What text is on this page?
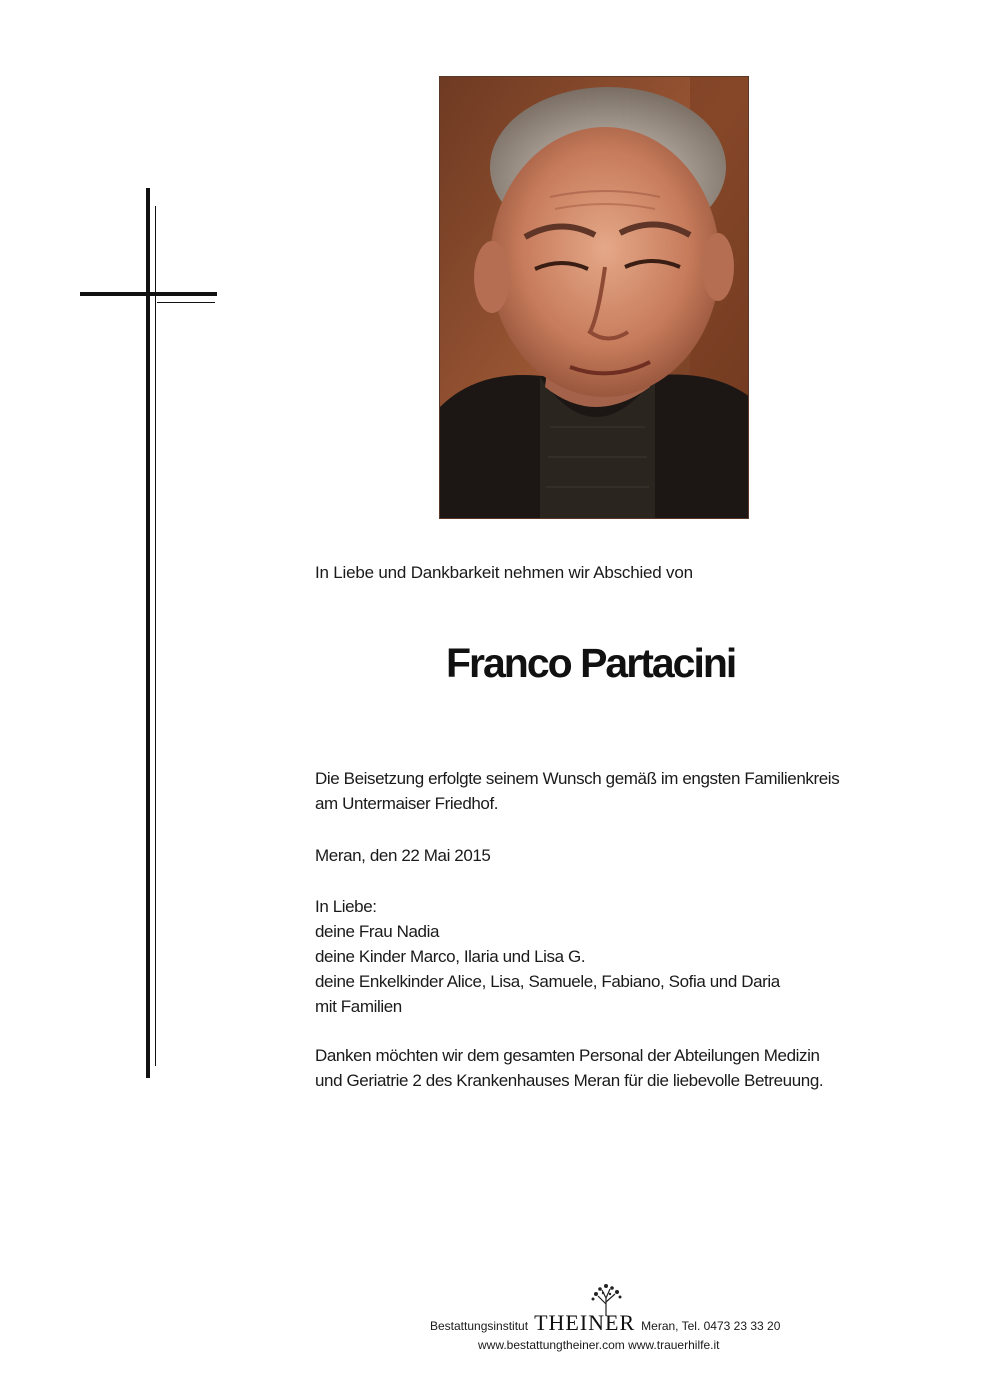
In Liebe und Dankbarkeit nehmen wir Abschied von
Franco Partacini
Die Beisetzung erfolgte seinem Wunsch gemäß im engsten Familienkreis
am Untermaiser Friedhof.
Meran, den 22 Mai 2015
In Liebe:
deine Frau Nadia
deine Kinder Marco, Ilaria und Lisa G.
deine Enkelkinder Alice, Lisa, Samuele, Fabiano, Sofia und Daria
mit Familien
Danken möchten wir dem gesamten Personal der Abteilungen Medizin
und Geriatrie 2 des Krankenhauses Meran für die liebevolle Betreuung.
Bestattungsinstitut THEINER Meran, Tel. 0473 23 33 20
www.bestattungtheiner.com www.trauerhilfe.it
